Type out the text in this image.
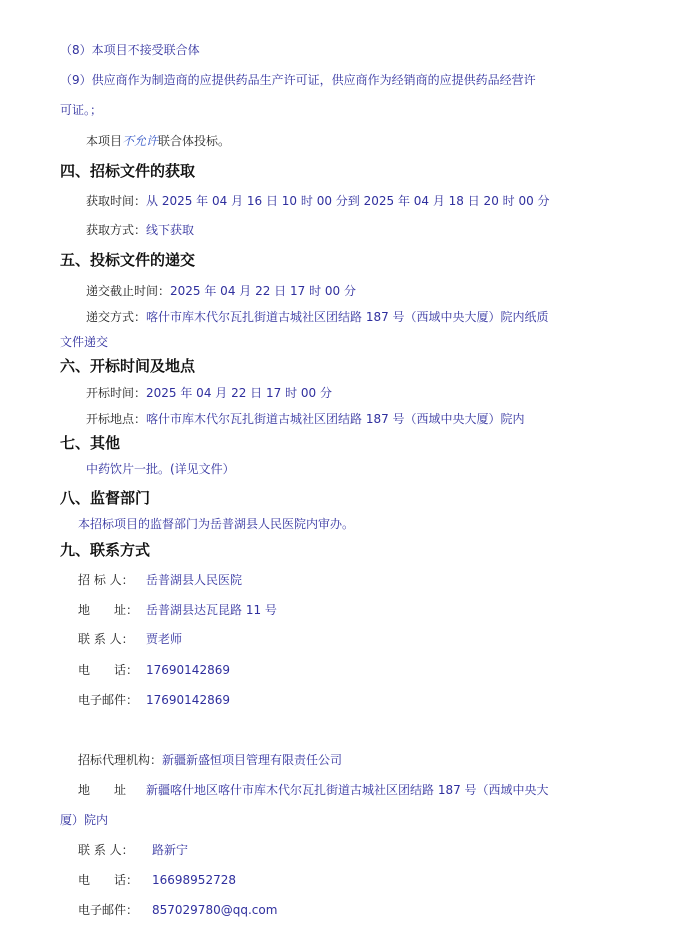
（8）本项目不接受联合体
（9）供应商作为制造商的应提供药品生产许可证，供应商作为经销商的应提供药品经营许
可证。；
本项目不允许联合体投标。
四、招标文件的获取
获取时间：从 2025 年 04 月 16 日 10 时 00 分到 2025 年 04 月 18 日 20 时 00 分
获取方式：线下获取
五、投标文件的递交
递交截止时间：2025 年 04 月 22 日 17 时 00 分
递交方式：喀什市库木代尔瓦扎街道古城社区团结路 187 号（西域中央大厦）院内纸质
文件递交
六、开标时间及地点
开标时间：2025 年 04 月 22 日 17 时 00 分
开标地点：喀什市库木代尔瓦扎街道古城社区团结路 187 号（西域中央大厦）院内
七、其他
中药饮片一批。(详见文件）
八、监督部门
本招标项目的监督部门为岳普湖县人民医院内审办。
九、联系方式
招 标 人： 岳普湖县人民医院
地　　址： 岳普湖县达瓦昆路 11 号
联 系 人： 贾老师
电　　话： 17690142869
电子邮件： 17690142869
招标代理机构：新疆新盛恒项目管理有限责任公司
地　　址 新疆喀什地区喀什市库木代尔瓦扎街道古城社区团结路 187 号（西域中央大
厦）院内
联 系 人： 路新宁
电　　话： 16698952728
电子邮件： 857029780@qq.com
